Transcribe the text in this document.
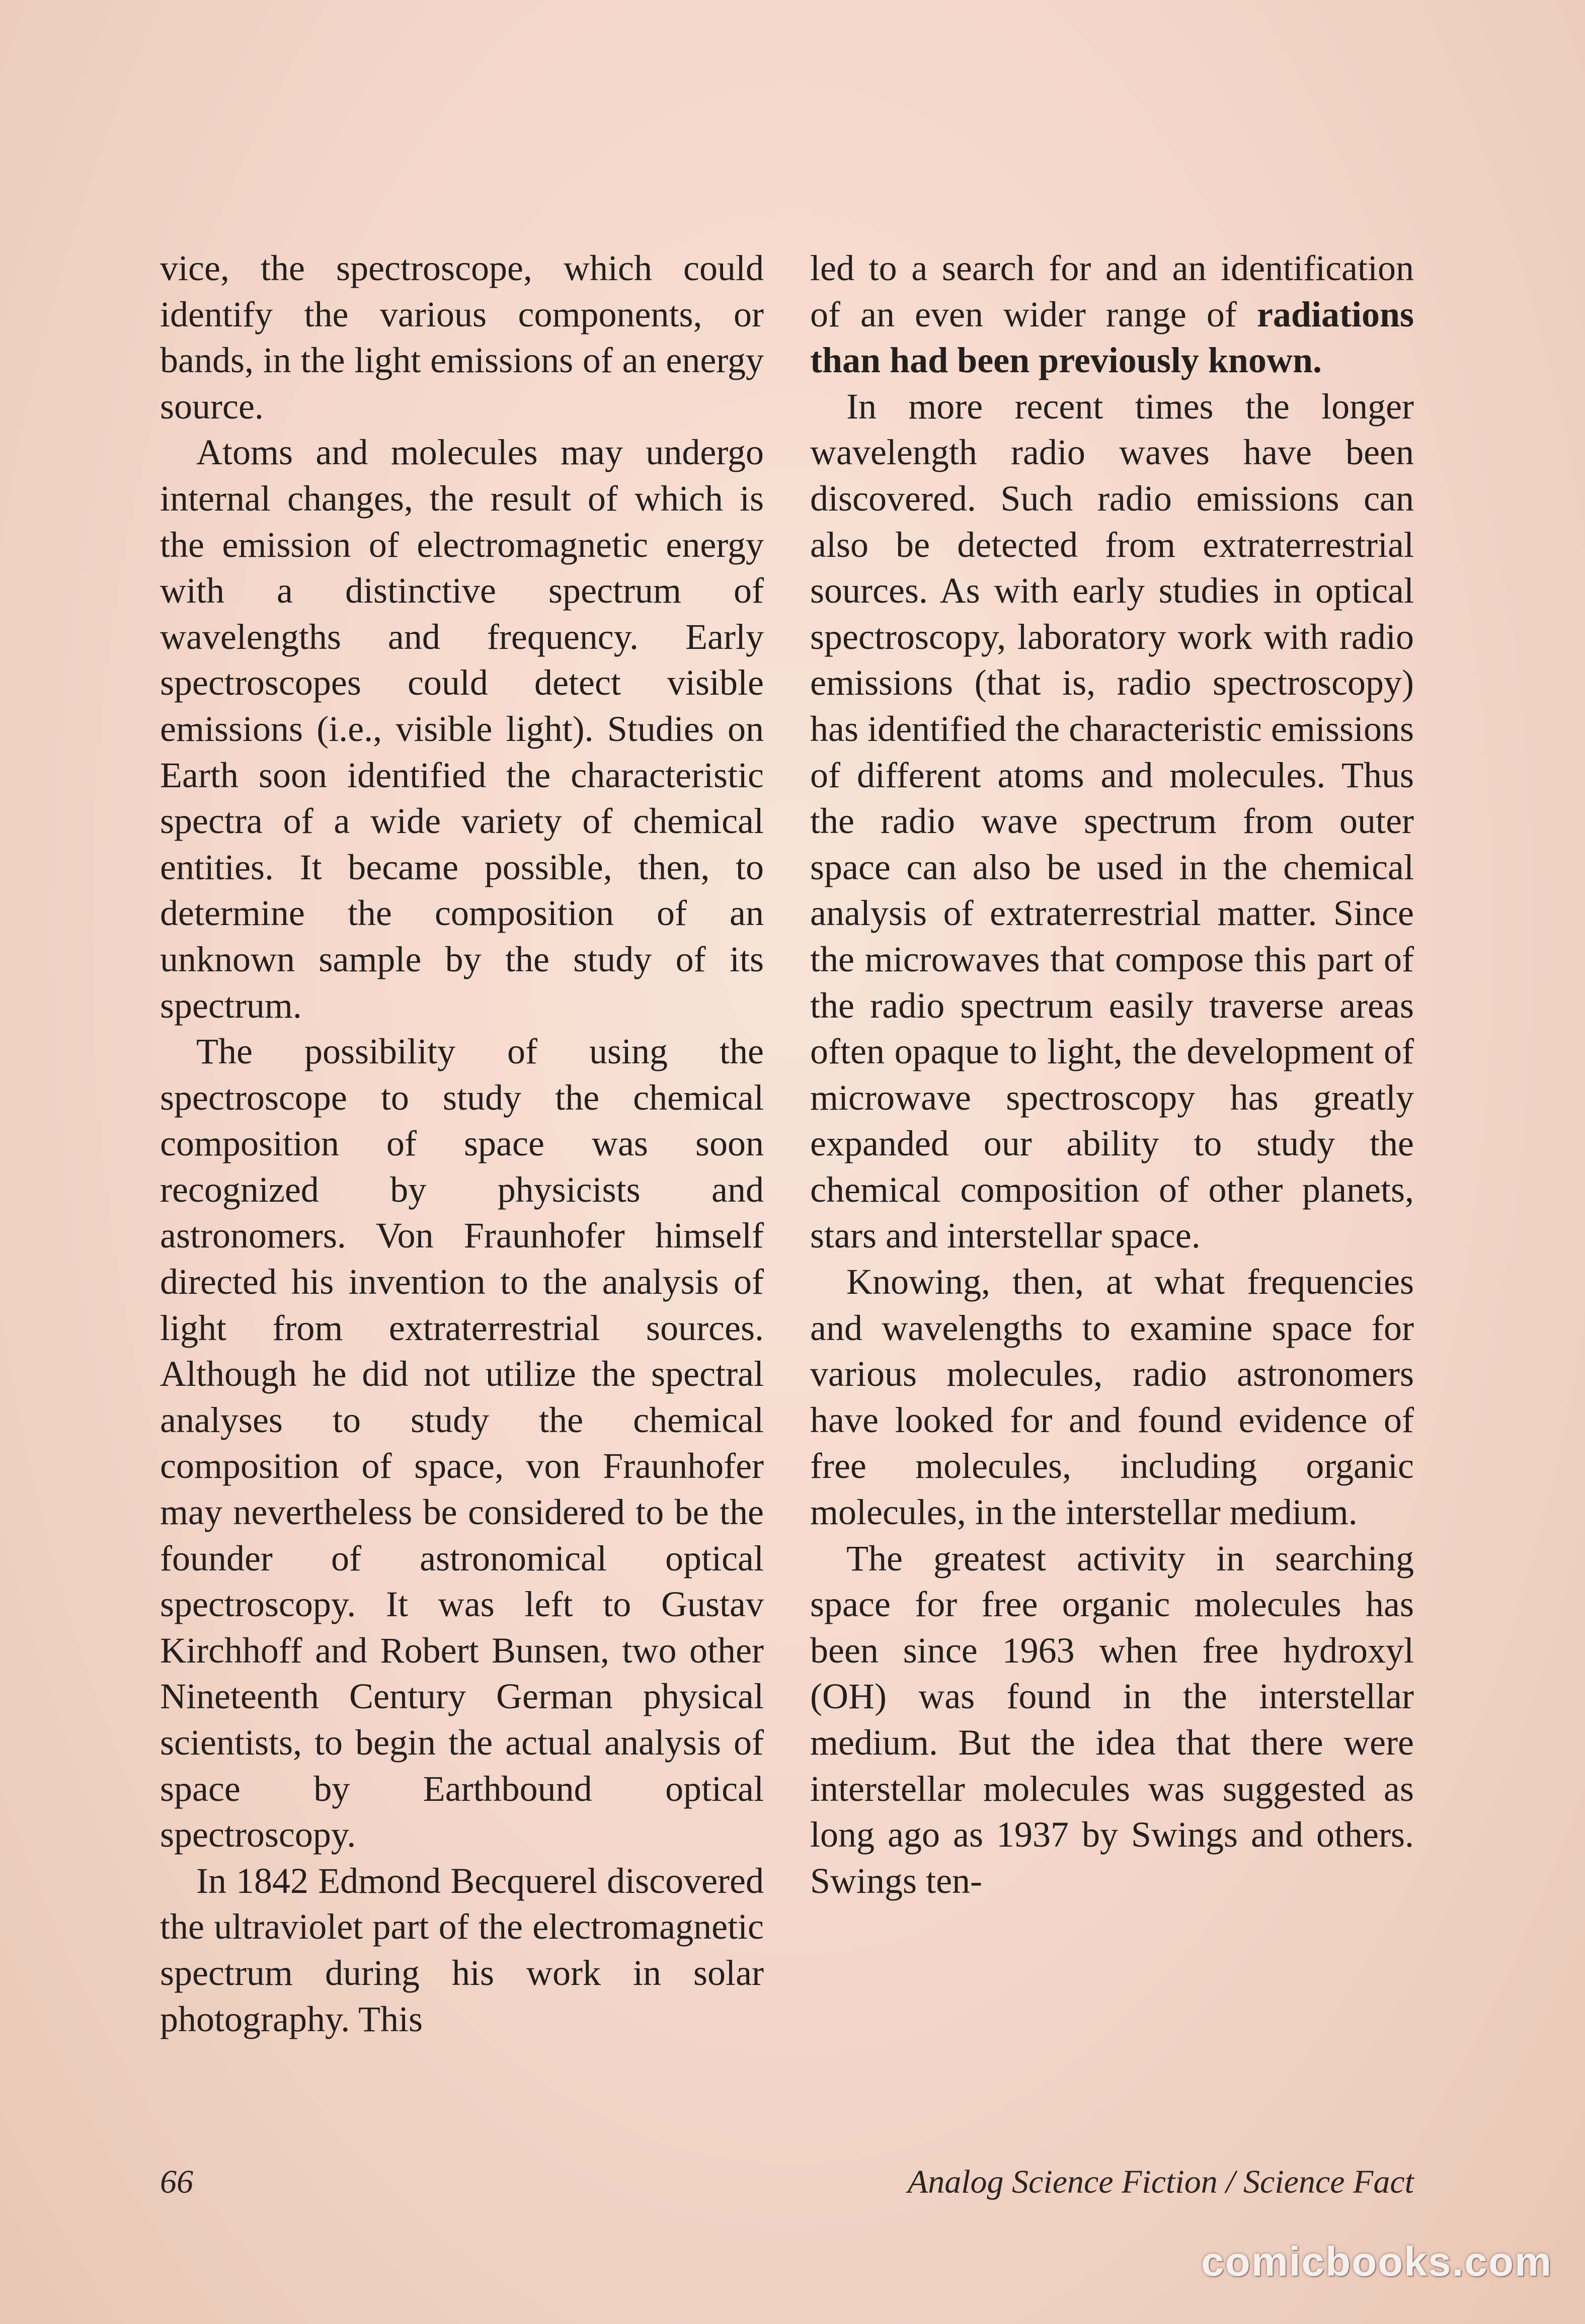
vice, the spectroscope, which could identify the various components, or bands, in the light emissions of an energy source.

Atoms and molecules may undergo internal changes, the result of which is the emission of electromagnetic energy with a distinctive spectrum of wavelengths and frequency. Early spectroscopes could detect visible emissions (i.e., visible light). Studies on Earth soon identified the characteristic spectra of a wide variety of chemical entities. It became possible, then, to determine the composition of an unknown sample by the study of its spectrum.

The possibility of using the spectroscope to study the chemical composition of space was soon recognized by physicists and astronomers. Von Fraunhofer himself directed his invention to the analysis of light from extraterrestrial sources. Although he did not utilize the spectral analyses to study the chemical composition of space, von Fraunhofer may nevertheless be considered to be the founder of astronomical optical spectroscopy. It was left to Gustav Kirchhoff and Robert Bunsen, two other Nineteenth Century German physical scientists, to begin the actual analysis of space by Earthbound optical spectroscopy.

In 1842 Edmond Becquerel discovered the ultraviolet part of the electromagnetic spectrum during his work in solar photography. This

led to a search for and an identification of an even wider range of radiations than had been previously known.

In more recent times the longer wavelength radio waves have been discovered. Such radio emissions can also be detected from extraterrestrial sources. As with early studies in optical spectroscopy, laboratory work with radio emissions (that is, radio spectroscopy) has identified the characteristic emissions of different atoms and molecules. Thus the radio wave spectrum from outer space can also be used in the chemical analysis of extraterrestrial matter. Since the microwaves that compose this part of the radio spectrum easily traverse areas often opaque to light, the development of microwave spectroscopy has greatly expanded our ability to study the chemical composition of other planets, stars and interstellar space.

Knowing, then, at what frequencies and wavelengths to examine space for various molecules, radio astronomers have looked for and found evidence of free molecules, including organic molecules, in the interstellar medium.

The greatest activity in searching space for free organic molecules has been since 1963 when free hydroxyl (OH) was found in the interstellar medium. But the idea that there were interstellar molecules was suggested as long ago as 1937 by Swings and others. Swings ten-

66	Analog Science Fiction / Science Fact
comicbooks.com
